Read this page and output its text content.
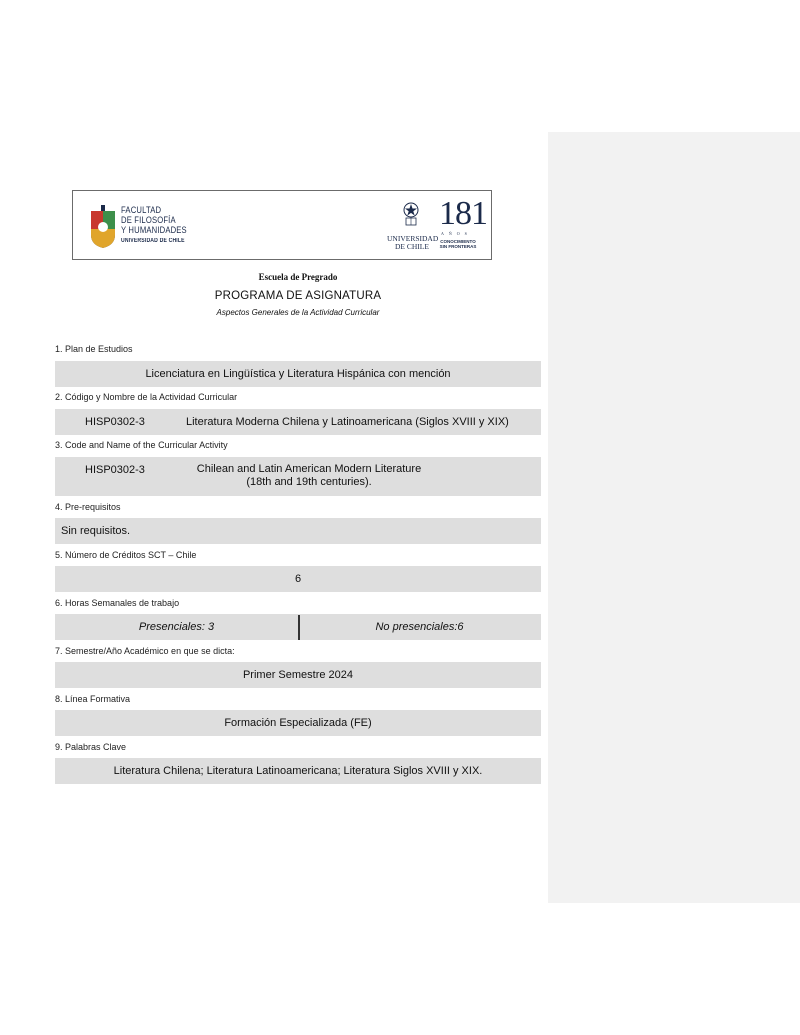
FACULTAD
DE FILOSOFÍA
Y HUMANIDADES
UNIVERSIDAD DE CHILE	UNIVERSIDAD
DE CHILE
181
AÑOS
CONOCIMIENTO
SIN FRONTERAS
Escuela de Pregrado
PROGRAMA DE ASIGNATURA
Aspectos Generales de la Actividad Curricular
1. Plan de Estudios
Licenciatura en Lingüística y Literatura Hispánica con mención
2. Código y Nombre de la Actividad Curricular
HISP0302-3	Literatura Moderna Chilena y Latinoamericana (Siglos XVIII y XIX)
3. Code and Name of the Curricular Activity
HISP0302-3	Chilean and Latin American Modern Literature (18th and 19th centuries).
4. Pre-requisitos
Sin requisitos.
5. Número de Créditos SCT – Chile
6
6. Horas Semanales de trabajo
Presenciales: 3	No presenciales:6
7. Semestre/Año Académico en que se dicta:
Primer Semestre 2024
8. Línea Formativa
Formación Especializada (FE)
9. Palabras Clave
Literatura Chilena; Literatura Latinoamericana; Literatura Siglos XVIII y XIX.
